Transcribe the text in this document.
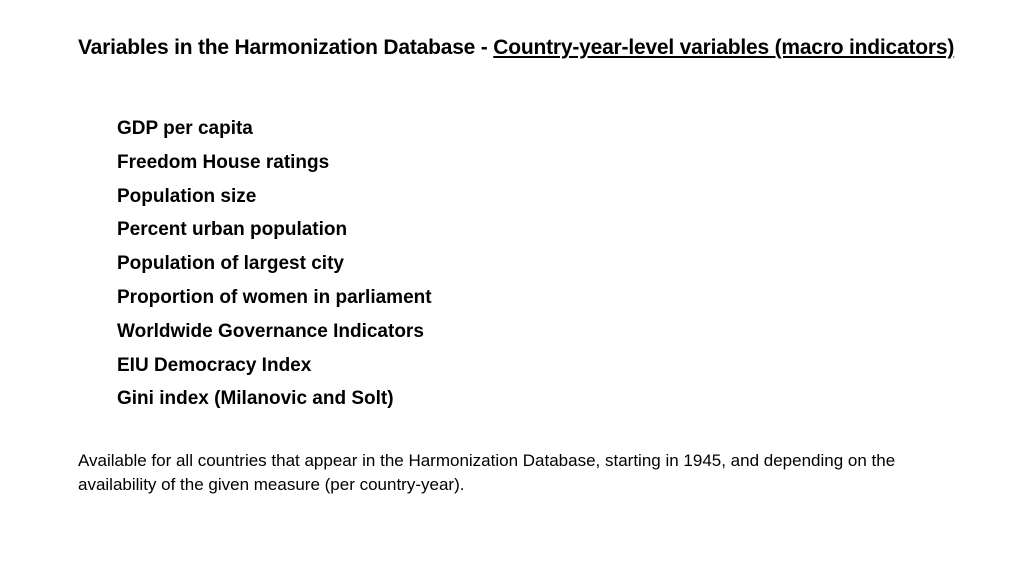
Variables in the Harmonization Database - Country-year-level variables (macro indicators)
GDP per capita
Freedom House ratings
Population size
Percent urban population
Population of largest city
Proportion of women in parliament
Worldwide Governance Indicators
EIU Democracy Index
Gini index (Milanovic and Solt)

Available for all countries that appear in the Harmonization Database, starting in 1945, and depending on the availability of the given measure (per country-year).
